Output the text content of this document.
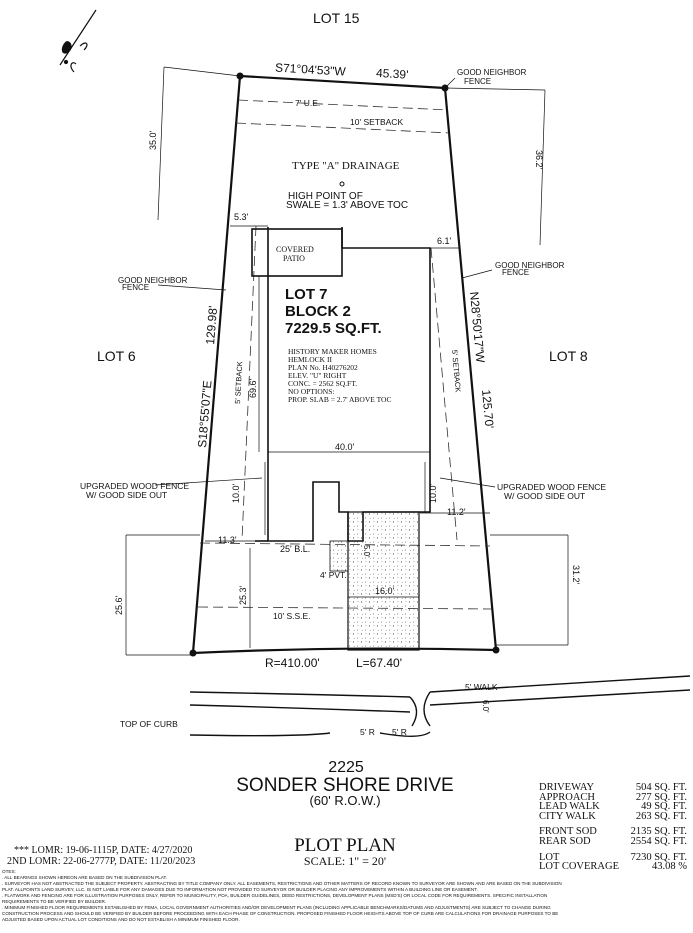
LOT 15
S71°04'53"W 45.39'	GOOD NEIGHBOR
FENCE
7' U.E.
10' SETBACK
35.0'
36.2'
TYPE "A" DRAINAGE
HIGH POINT OF
SWALE = 1.3' ABOVE TOC
5.3'
6.1'
COVERED
PATIO
GOOD NEIGHBOR
FENCE
GOOD NEIGHBOR
FENCE
LOT 7
BLOCK 2
7229.5 SQ.FT.
HISTORY MAKER HOMES
HEMLOCK II
PLAN No. H40276202
ELEV. "U" RIGHT
CONC. = 2562 SQ.FT.
NO OPTIONS:
PROP. SLAB = 2.7' ABOVE TOC
LOT 6	LOT 8
S18°55'07"E
129.98'	N28°50'17"W
125.70'
5' SETBACK	5' SETBACK
69.6'
40.0'
10.0'	10.0'
UPGRADED WOOD FENCE
W/ GOOD SIDE OUT
UPGRADED WOOD FENCE
W/ GOOD SIDE OUT
11.3'
11.2'
25' B.L.	5.0'
4' PVT.
16.0'
25.6'
25.3'
31.2'
10' S.S.E.
R=410.00'	L=67.40'
5' WALK
6.0'
TOP OF CURB
5' R 5' R
2225
SONDER SHORE DRIVE
(60' R.O.W.)
PLOT PLAN
SCALE: 1" = 20'
*** LOMR: 19-06-1115P, DATE: 4/27/2020
2ND LOMR: 22-06-2777P, DATE: 11/20/2023
DRIVEWAY	504 SQ. FT.
APPROACH	277 SQ. FT.
LEAD WALK	49 SQ. FT.
CITY WALK	263 SQ. FT.
FRONT SOD	2135 SQ. FT.
REAR SOD	2554 SQ. FT.
LOT	7230 SQ. FT.
LOT COVERAGE	43.08 %
OTES:
. ALL BEARINGS SHOWN HEREON ARE BASED ON THE SUBDIVISION PLAT.
. SURVEYOR HAS NOT ABSTRACTED THE SUBJECT PROPERTY. ABSTRACTING BY TITLE COMPANY ONLY. ALL EASEMENTS, RESTRICTIONS AND OTHER MATTERS OF RECORD KNOWN TO SURVEYOR ARE SHOWN AND ARE BASED ON THE SUBDIVISION
PLAT. ALLPOINTS LAND SURVEY, LLC. IS NOT LIABLE FOR ANY DAMAGES DUE TO INFORMATION NOT PROVIDED TO SURVEYOR OR BUILDER PLACING ANY IMPROVEMENTS WITHIN A BUILDING LINE OR EASEMENT.
. FLATWORK AND FENCING ARE FOR ILLUSTRATION PURPOSES ONLY. REFER TO MUNICIPALITY, POA, BUILDER GUIDELINES, DEED RESTRICTIONS, DEVELOPMENT PLANS (MSD'S) OR LOCAL CODE FOR REQUIREMENTS. SPECIFIC INSTALLATION
REQUIREMENTS TO BE VERIFIED BY BUILDER.
. MINIMUM FINISHED FLOOR REQUIREMENTS ESTABLISHED BY FEMA, LOCAL GOVERNMENT AUTHORITIES AND/OR DEVELOPMENT PLANS (INCLUDING APPLICABLE BENCHMARKS/DATUMS AND ADJUSTMENTS) ARE SUBJECT TO CHANGE DURING
CONSTRUCTION PROCESS AND SHOULD BE VERIFIED BY BUILDER BEFORE PROCEEDING WITH EACH PHASE OF CONSTRUCTION. PROPOSED FINISHED FLOOR HEIGHTS ABOVE TOP OF CURB ARE CALCULATIONS FOR DRAINAGE PURPOSES TO BE
ADJUSTED BASED UPON ACTUAL LOT CONDITIONS AND DO NOT ESTABLISH A MINIMUM FINISHED FLOOR.
